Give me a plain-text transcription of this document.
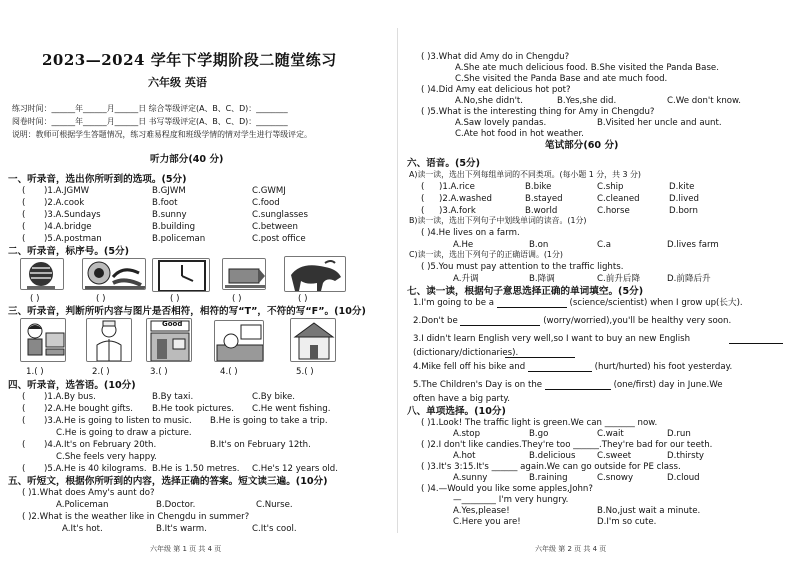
2023—2024 学年下学期阶段二随堂练习
六年级 英语
练习时间：______年______月______日 综合等级评定(A、B、C、D)：________
阅卷时间：______年______月______日 书写等级评定(A、B、C、D)：________
说明：教师可根据学生答题情况，练习难易程度和班级学情的情对学生进行等级评定。
听力部分(40 分)
一、听录音，选出你所听到的选项。(5分)
( )1.A.JGMW	B.GJWM	C.GWMJ
( )2.A.cook	B.foot	C.food
( )3.A.Sundays	B.sunny	C.sunglasses
( )4.A.bridge	B.building	C.between
( )5.A.postman	B.policeman	C.post office
二、听录音，标序号。(5分)
( )	( )	( )	( )	( )
三、听录音，判断所听内容与图片是否相符，相符的写“T”，不符的写“F”。(10分)
Good
1.( )	2.( )	3.( )	4.( )	5.( )
四、听录音，选答语。(10分)
( )1.A.By bus.	B.By taxi.	C.By bike.
( )2.A.He bought gifts. B.He took pictures. C.He went fishing.
( )3.A.He is going to listen to music. B.He is going to take a trip.
C.He is going to draw a picture.
( )4.A.It's on February 20th.	B.It's on February 12th.
C.She feels very happy.
( )5.A.He is 40 kilograms. B.He is 1.50 metres. C.He's 12 years old.
五、听短文，根据你所听到的内容，选择正确的答案。短文读三遍。(10分)
( )1.What does Amy's aunt do?
A.Policeman	B.Doctor.	C.Nurse.
( )2.What is the weather like in Chengdu in summer?
A.It's hot.	B.It's warm.	C.It's cool.
六年级 第 1 页 共 4 页
( )3.What did Amy do in Chengdu?
A.She ate much delicious food. B.She visited the Panda Base.
C.She visited the Panda Base and ate much food.
( )4.Did Amy eat delicious hot pot?
A.No,she didn't.	B.Yes,she did.	C.We don't know.
( )5.What is the interesting thing for Amy in Chengdu?
A.Saw lovely pandas.	B.Visited her uncle and aunt.
C.Ate hot food in hot weather.
笔试部分(60 分)
六、语音。(5分)
A)读一读，选出下列每组单词的不同类项。(每小题 1 分，共 3 分)
( )1.A.rice	B.bike	C.ship	D.kite
( )2.A.washed	B.stayed	C.cleaned	D.lived
( )3.A.fork	B.world	C.horse	D.born
B)读一读，选出下列句子中划线单词的读音。(1分)
( )4.He lives on a farm.
A.He	B.on	C.a	D.lives farm
C)读一读，选出下列句子的正确语调。(1分)
( )5.You must pay attention to the traffic lights.
A.升调	B.降调	C.前升后降	D.前降后升
七、读一读，根据句子意思选择正确的单词填空。(5分)
1.I'm going to be a	(science/scientist) when I grow up(长大).
2.Don't be	(worry/worried),you'll be healthy very soon.
3.I didn't learn English very well,so I want to buy an new English
(dictionary/dictionaries).
4.Mike fell off his bike and	(hurt/hurted) his foot yesterday.
5.The Children's Day is on the	(one/first) day in June.We
often have a big party.
八、单项选择。(10分)
( )1.Look! The traffic light is green.We can _______ now.
A.stop	B.go	C.wait	D.run
( )2.I don't like candies.They're too ______.They're bad for our teeth.
A.hot	B.delicious	C.sweet	D.thirsty
( )3.It's 3:15.It's ______ again.We can go outside for PE class.
A.sunny	B.raining	C.snowy	D.cloud
( )4.—Would you like some apples,John?
—________ I'm very hungry.
A.Yes,please!	B.No,just wait a minute.
C.Here you are!	D.I'm so cute.
六年级 第 2 页 共 4 页
